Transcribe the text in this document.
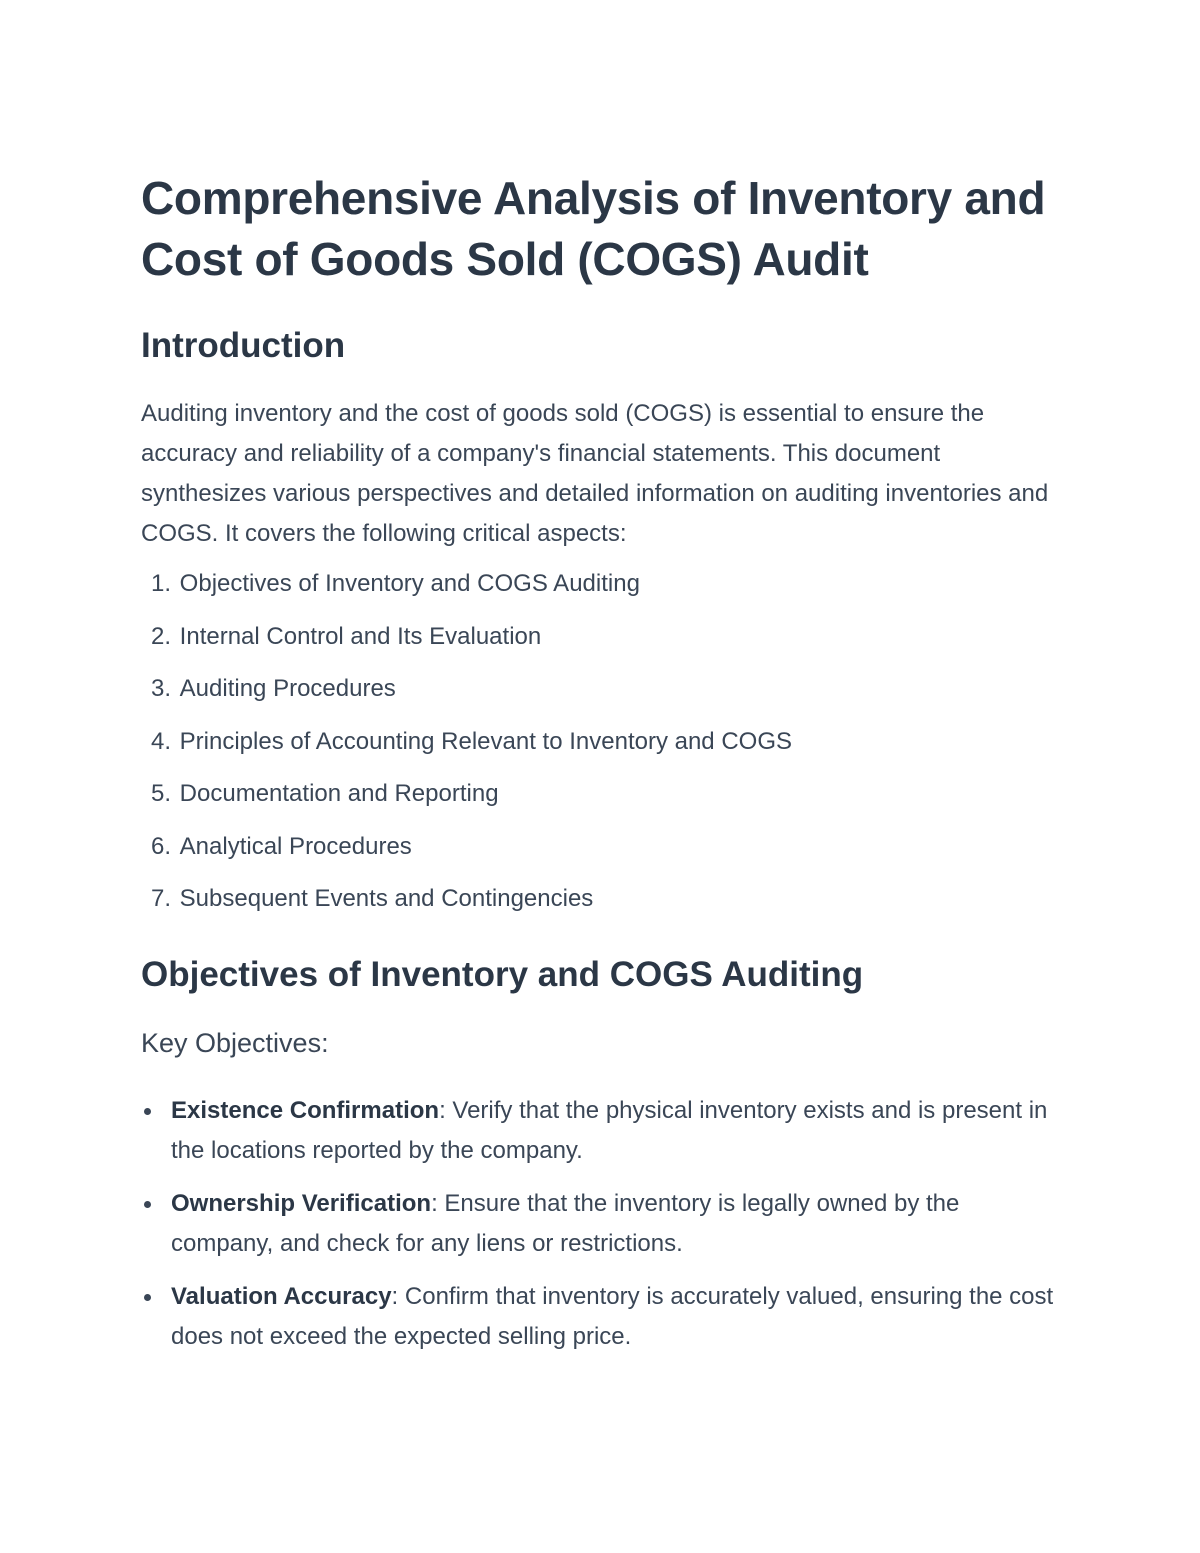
Comprehensive Analysis of Inventory and Cost of Goods Sold (COGS) Audit
Introduction

Auditing inventory and the cost of goods sold (COGS) is essential to ensure the accuracy and reliability of a company's financial statements. This document synthesizes various perspectives and detailed information on auditing inventories and COGS. It covers the following critical aspects:

1.
Objectives of Inventory and COGS Auditing
2.
Internal Control and Its Evaluation
3.
Auditing Procedures
4.
Principles of Accounting Relevant to Inventory and COGS
5.
Documentation and Reporting
6.
Analytical Procedures
7.
Subsequent Events and Contingencies
Objectives of Inventory and COGS Auditing
Key Objectives:
Existence Confirmation: Verify that the physical inventory exists and is present in the locations reported by the company.
Ownership Verification: Ensure that the inventory is legally owned by the company, and check for any liens or restrictions.
Valuation Accuracy: Confirm that inventory is accurately valued, ensuring the cost does not exceed the expected selling price.
